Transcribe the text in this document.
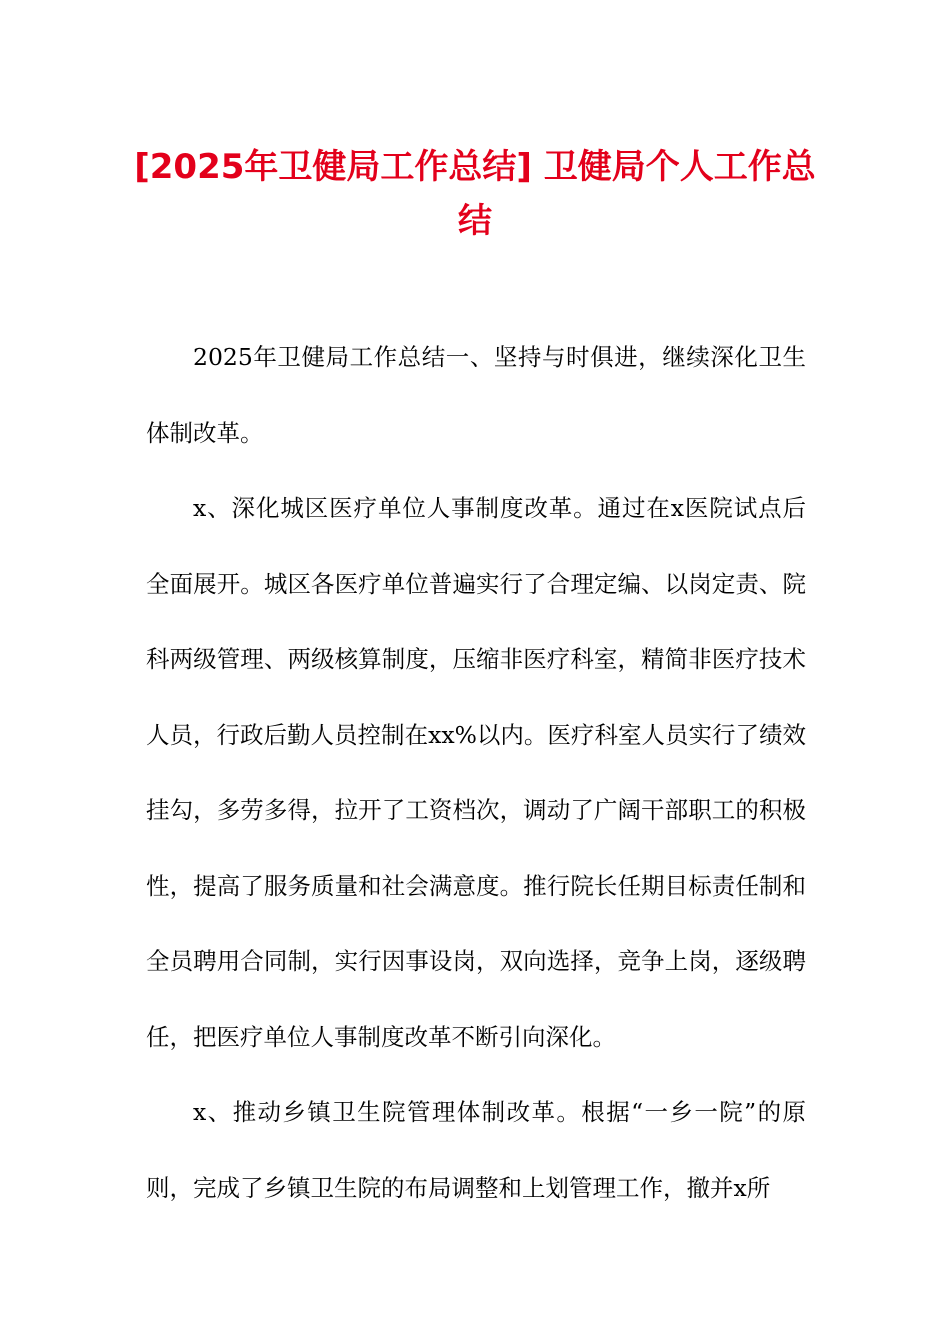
[2025年卫健局工作总结] 卫健局个人工作总结

2025年卫健局工作总结一、坚持与时俱进，继续深化卫生体制改革。

x、深化城区医疗单位人事制度改革。通过在x医院试点后全面展开。城区各医疗单位普遍实行了合理定编、以岗定责、院科两级管理、两级核算制度，压缩非医疗科室，精简非医疗技术人员，行政后勤人员控制在xx%以内。医疗科室人员实行了绩效挂勾，多劳多得，拉开了工资档次，调动了广阔干部职工的积极性，提高了服务质量和社会满意度。推行院长任期目标责任制和全员聘用合同制，实行因事设岗，双向选择，竞争上岗，逐级聘任，把医疗单位人事制度改革不断引向深化。

x、推动乡镇卫生院管理体制改革。根据“一乡一院”的原则，完成了乡镇卫生院的布局调整和上划管理工作，撤并x所
